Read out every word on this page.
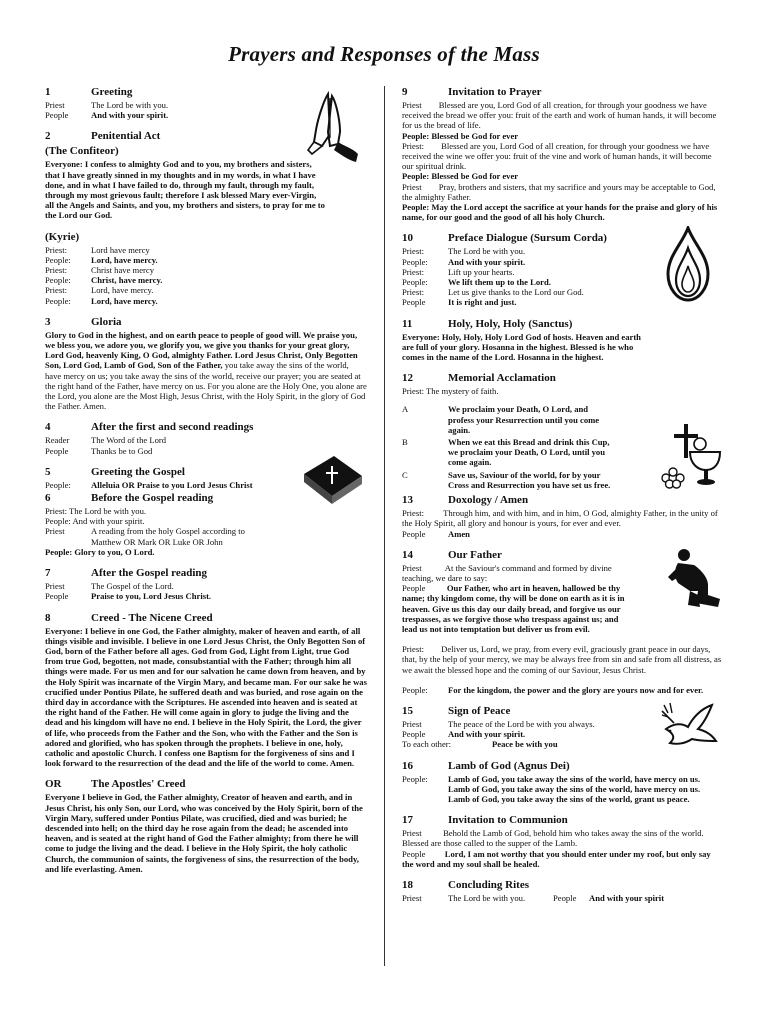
Prayers and Responses of the Mass
1	Greeting
Priest	The Lord be with you.
People	And with your spirit.
2	Penitential Act
(The Confiteor)

Everyone: I confess to almighty God and to you, my brothers and sisters, that I have greatly sinned in my thoughts and in my words, in what I have done, and in what I have failed to do, through my fault, through my fault, through my most grievous fault; therefore I ask blessed Mary ever-Virgin, all the Angels and Saints, and you, my brothers and sisters, to pray for me to the Lord our God.

(Kyrie)
Priest:	Lord have mercy
People:	Lord, have mercy.
Priest:	Christ have mercy
People:	Christ, have mercy.
Priest:	Lord, have mercy.
People:	Lord, have mercy.
3	Gloria

Glory to God in the highest, and on earth peace to people of good will. We praise you, we bless you, we adore you, we glorify you, we give you thanks for your great glory, Lord God, heavenly King, O God, almighty Father. Lord Jesus Christ, Only Begotten Son, Lord God, Lamb of God, Son of the Father, you take away the sins of the world, have mercy on us; you take away the sins of the world, receive our prayer; you are seated at the right hand of the Father, have mercy on us. For you alone are the Holy One, you alone are the Lord, you alone are the Most High, Jesus Christ, with the Holy Spirit, in the glory of God the Father. Amen.

4	After the first and second readings
Reader	The Word of the Lord
People	Thanks be to God
5	Greeting the Gospel
People:	Alleluia OR Praise to you Lord Jesus Christ
6	Before the Gospel reading
Priest: The Lord be with you.
People: And with your spirit.
Priest	A reading from the holy Gospel according to
Matthew OR Mark OR Luke OR John
People: Glory to you, O Lord.
7	After the Gospel reading
Priest	The Gospel of the Lord.
People	Praise to you, Lord Jesus Christ.
8	Creed - The Nicene Creed

Everyone: I believe in one God, the Father almighty, maker of heaven and earth, of all things visible and invisible. I believe in one Lord Jesus Christ, the Only Begotten Son of God, born of the Father before all ages. God from God, Light from Light, true God from true God, begotten, not made, consubstantial with the Father; through him all things were made. For us men and for our salvation he came down from heaven, and by the Holy Spirit was incarnate of the Virgin Mary, and became man. For our sake he was crucified under Pontius Pilate, he suffered death and was buried, and rose again on the third day in accordance with the Scriptures. He ascended into heaven and is seated at the right hand of the Father. He will come again in glory to judge the living and the dead and his kingdom will have no end. I believe in the Holy Spirit, the Lord, the giver of life, who proceeds from the Father and the Son, who with the Father and the Son is adored and glorified, who has spoken through the prophets. I believe in one, holy, catholic and apostolic Church. I confess one Baptism for the forgiveness of sins and I look forward to the resurrection of the dead and the life of the world to come. Amen.

OR	The Apostles' Creed

Everyone I believe in God, the Father almighty, Creator of heaven and earth, and in Jesus Christ, his only Son, our Lord, who was conceived by the Holy Spirit, born of the Virgin Mary, suffered under Pontius Pilate, was crucified, died and was buried; he descended into hell; on the third day he rose again from the dead; he ascended into heaven, and is seated at the right hand of God the Father almighty; from there he will come to judge the living and the dead. I believe in the Holy Spirit, the holy catholic Church, the communion of saints, the forgiveness of sins, the resurrection of the body, and life everlasting. Amen.

9	Invitation to Prayer

Priest Blessed are you, Lord God of all creation, for through your goodness we have received the bread we offer you: fruit of the earth and work of human hands, it will become for us the bread of life.

People: Blessed be God for ever

Priest: Blessed are you, Lord God of all creation, for through your goodness we have received the wine we offer you: fruit of the vine and work of human hands, it will become our spiritual drink.

People: Blessed be God for ever

Priest Pray, brothers and sisters, that my sacrifice and yours may be acceptable to God, the almighty Father.

People: May the Lord accept the sacrifice at your hands for the praise and glory of his name, for our good and the good of all his holy Church.

10	Preface Dialogue (Sursum Corda)
Priest:	The Lord be with you.
People:	And with your spirit.
Priest:	Lift up your hearts.
People:	We lift them up to the Lord.
Priest:	Let us give thanks to the Lord our God.
People	It is right and just.
11	Holy, Holy, Holy (Sanctus)

Everyone: Holy, Holy, Holy Lord God of hosts. Heaven and earth are full of your glory. Hosanna in the highest. Blessed is he who comes in the name of the Lord. Hosanna in the highest.

12	Memorial Acclamation
Priest: The mystery of faith.
A	We proclaim your Death, O Lord, and profess your Resurrection until you come again.
B	When we eat this Bread and drink this Cup, we proclaim your Death, O Lord, until you come again.
C	Save us, Saviour of the world, for by your Cross and Resurrection you have set us free.
13	Doxology / Amen

Priest: Through him, and with him, and in him, O God, almighty Father, in the unity of the Holy Spirit, all glory and honour is yours, for ever and ever.

People	Amen
14	Our Father

Priest	At the Saviour's command and formed by divine teaching, we dare to say:

People Our Father, who art in heaven, hallowed be thy name; thy kingdom come, thy will be done on earth as it is in heaven. Give us this day our daily bread, and forgive us our trespasses, as we forgive those who trespass against us; and lead us not into temptation but deliver us from evil.

Priest: Deliver us, Lord, we pray, from every evil, graciously grant peace in our days, that, by the help of your mercy, we may be always free from sin and safe from all distress, as we await the blessed hope and the coming of our Saviour, Jesus Christ.

People:	For the kingdom, the power and the glory are yours now and for ever.
15	Sign of Peace
Priest	The peace of the Lord be with you always.
People	And with your spirit.
To each other:	Peace be with you
16	Lamb of God (Agnus Dei)
People:	Lamb of God, you take away the sins of the world, have mercy on us.
Lamb of God, you take away the sins of the world, have mercy on us.
Lamb of God, you take away the sins of the world, grant us peace.
17	Invitation to Communion

Priest Behold the Lamb of God, behold him who takes away the sins of the world. Blessed are those called to the supper of the Lamb.

People Lord, I am not worthy that you should enter under my roof, but only say the word and my soul shall be healed.

18	Concluding Rites
Priest	The Lord be with you.	People	And with your spirit
